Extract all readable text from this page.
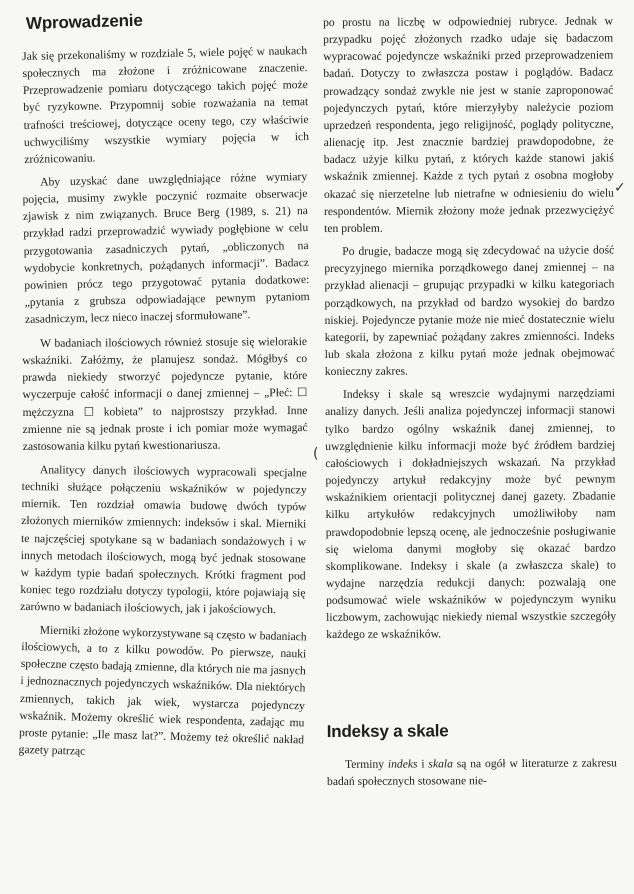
Wprowadzenie

Jak się przekonaliśmy w rozdziale 5, wiele pojęć w naukach społecznych ma złożone i zróżnicowane znaczenie. Przeprowadzenie pomiaru dotyczącego takich pojęć może być ryzykowne. Przypomnij sobie rozważania na temat trafności treściowej, dotyczące oceny tego, czy właściwie uchwyciliśmy wszystkie wymiary pojęcia w ich zróżnicowaniu.

Aby uzyskać dane uwzględniające różne wymiary pojęcia, musimy zwykle poczynić rozmaite obserwacje zjawisk z nim związanych. Bruce Berg (1989, s. 21) na przykład radzi przeprowadzić wywiady pogłębione w celu przygotowania zasadniczych pytań, „obliczonych na wydobycie konkretnych, pożądanych informacji”. Badacz powinien prócz tego przygotować pytania dodatkowe: „pytania z grubsza odpowiadające pewnym pytaniom zasadniczym, lecz nieco inaczej sformułowane”.

W badaniach ilościowych również stosuje się wielorakie wskaźniki. Załóżmy, że planujesz sondaż. Mógłbyś co prawda niekiedy stworzyć pojedyncze pytanie, które wyczerpuje całość informacji o danej zmiennej – „Płeć: ☐ mężczyzna ☐ kobieta” to najprostszy przykład. Inne zmienne nie są jednak proste i ich pomiar może wymagać zastosowania kilku pytań kwestionariusza.

Analitycy danych ilościowych wypracowali specjalne techniki służące połączeniu wskaźników w pojedynczy miernik. Ten rozdział omawia budowę dwóch typów złożonych mierników zmiennych: indeksów i skal. Mierniki te najczęściej spotykane są w badaniach sondażowych i w innych metodach ilościowych, mogą być jednak stosowane w każdym typie badań społecznych. Krótki fragment pod koniec tego rozdziału dotyczy typologii, które pojawiają się zarówno w badaniach ilościowych, jak i jakościowych.

Mierniki złożone wykorzystywane są często w badaniach ilościowych, a to z kilku powodów. Po pierwsze, nauki społeczne często badają zmienne, dla których nie ma jasnych i jednoznacznych pojedynczych wskaźników. Dla niektórych zmiennych, takich jak wiek, wystarcza pojedynczy wskaźnik. Możemy określić wiek respondenta, zadając mu proste pytanie: „Ile masz lat?”. Możemy też określić nakład gazety patrząc

po prostu na liczbę w odpowiedniej rubryce. Jednak w przypadku pojęć złożonych rzadko udaje się badaczom wypracować pojedyncze wskaźniki przed przeprowadzeniem badań. Dotyczy to zwłaszcza postaw i poglądów. Badacz prowadzący sondaż zwykle nie jest w stanie zaproponować pojedynczych pytań, które mierzyłyby należycie poziom uprzedzeń respondenta, jego religijność, poglądy polityczne, alienację itp. Jest znacznie bardziej prawdopodobne, że badacz użyje kilku pytań, z których każde stanowi jakiś wskaźnik zmiennej. Każde z tych pytań z osobna mogłoby okazać się nierzetelne lub nietrafne w odniesieniu do wielu respondentów. Miernik złożony może jednak przezwyciężyć ten problem.

Po drugie, badacze mogą się zdecydować na użycie dość precyzyjnego miernika porządkowego danej zmiennej – na przykład alienacji – grupując przypadki w kilku kategoriach porządkowych, na przykład od bardzo wysokiej do bardzo niskiej. Pojedyncze pytanie może nie mieć dostatecznie wielu kategorii, by zapewniać pożądany zakres zmienności. Indeks lub skala złożona z kilku pytań może jednak obejmować konieczny zakres.

Indeksy i skale są wreszcie wydajnymi narzędziami analizy danych. Jeśli analiza pojedynczej informacji stanowi tylko bardzo ogólny wskaźnik danej zmiennej, to uwzględnienie kilku informacji może być źródłem bardziej całościowych i dokładniejszych wskazań. Na przykład pojedynczy artykuł redakcyjny może być pewnym wskaźnikiem orientacji politycznej danej gazety. Zbadanie kilku artykułów redakcyjnych umożliwiłoby nam prawdopodobnie lepszą ocenę, ale jednocześnie posługiwanie się wieloma danymi mogłoby się okazać bardzo skomplikowane. Indeksy i skale (a zwłaszcza skale) to wydajne narzędzia redukcji danych: pozwalają one podsumować wiele wskaźników w pojedynczym wyniku liczbowym, zachowując niekiedy niemal wszystkie szczegóły każdego ze wskaźników.

Indeksy a skale

Terminy indeks i skala są na ogół w literaturze z zakresu badań społecznych stosowane nie-

✓
(
